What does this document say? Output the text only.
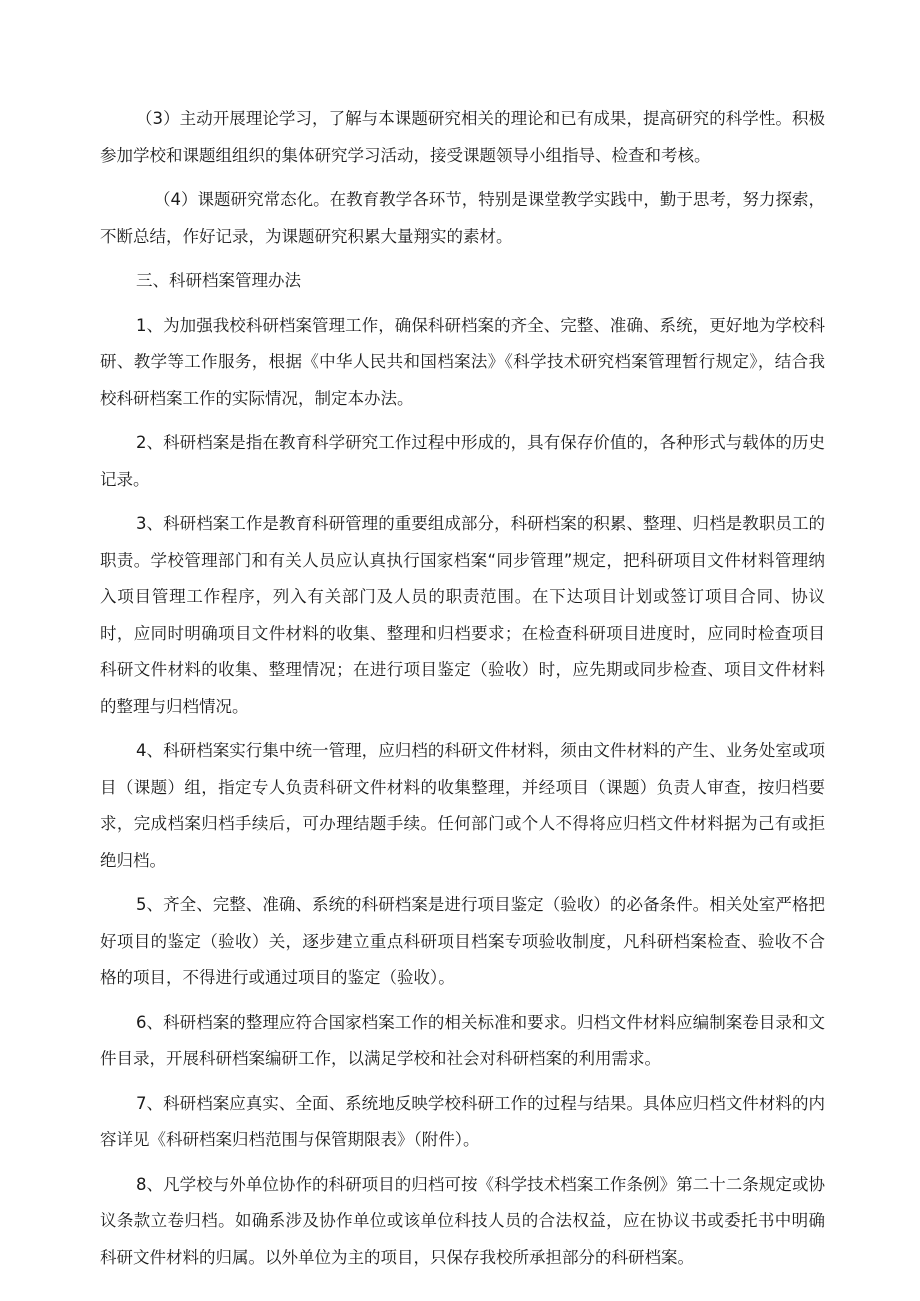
（3）主动开展理论学习，了解与本课题研究相关的理论和已有成果，提高研究的科学性。积极参加学校和课题组组织的集体研究学习活动，接受课题领导小组指导、检查和考核。

（4）课题研究常态化。在教育教学各环节，特别是课堂教学实践中，勤于思考，努力探索，不断总结，作好记录，为课题研究积累大量翔实的素材。

三、科研档案管理办法

1、为加强我校科研档案管理工作，确保科研档案的齐全、完整、准确、系统，更好地为学校科研、教学等工作服务，根据《中华人民共和国档案法》《科学技术研究档案管理暂行规定》，结合我校科研档案工作的实际情况，制定本办法。

2、科研档案是指在教育科学研究工作过程中形成的，具有保存价值的，各种形式与载体的历史记录。

3、科研档案工作是教育科研管理的重要组成部分，科研档案的积累、整理、归档是教职员工的职责。学校管理部门和有关人员应认真执行国家档案“同步管理”规定，把科研项目文件材料管理纳入项目管理工作程序，列入有关部门及人员的职责范围。在下达项目计划或签订项目合同、协议时，应同时明确项目文件材料的收集、整理和归档要求；在检查科研项目进度时，应同时检查项目科研文件材料的收集、整理情况；在进行项目鉴定（验收）时，应先期或同步检查、项目文件材料的整理与归档情况。

4、科研档案实行集中统一管理，应归档的科研文件材料，须由文件材料的产生、业务处室或项目（课题）组，指定专人负责科研文件材料的收集整理，并经项目（课题）负责人审查，按归档要求，完成档案归档手续后，可办理结题手续。任何部门或个人不得将应归档文件材料据为己有或拒绝归档。

5、齐全、完整、准确、系统的科研档案是进行项目鉴定（验收）的必备条件。相关处室严格把好项目的鉴定（验收）关，逐步建立重点科研项目档案专项验收制度，凡科研档案检查、验收不合格的项目，不得进行或通过项目的鉴定（验收）。

6、科研档案的整理应符合国家档案工作的相关标准和要求。归档文件材料应编制案卷目录和文件目录，开展科研档案编研工作，以满足学校和社会对科研档案的利用需求。

7、科研档案应真实、全面、系统地反映学校科研工作的过程与结果。具体应归档文件材料的内容详见《科研档案归档范围与保管期限表》（附件）。

8、凡学校与外单位协作的科研项目的归档可按《科学技术档案工作条例》第二十二条规定或协议条款立卷归档。如确系涉及协作单位或该单位科技人员的合法权益，应在协议书或委托书中明确科研文件材料的归属。以外单位为主的项目，只保存我校所承担部分的科研档案。
